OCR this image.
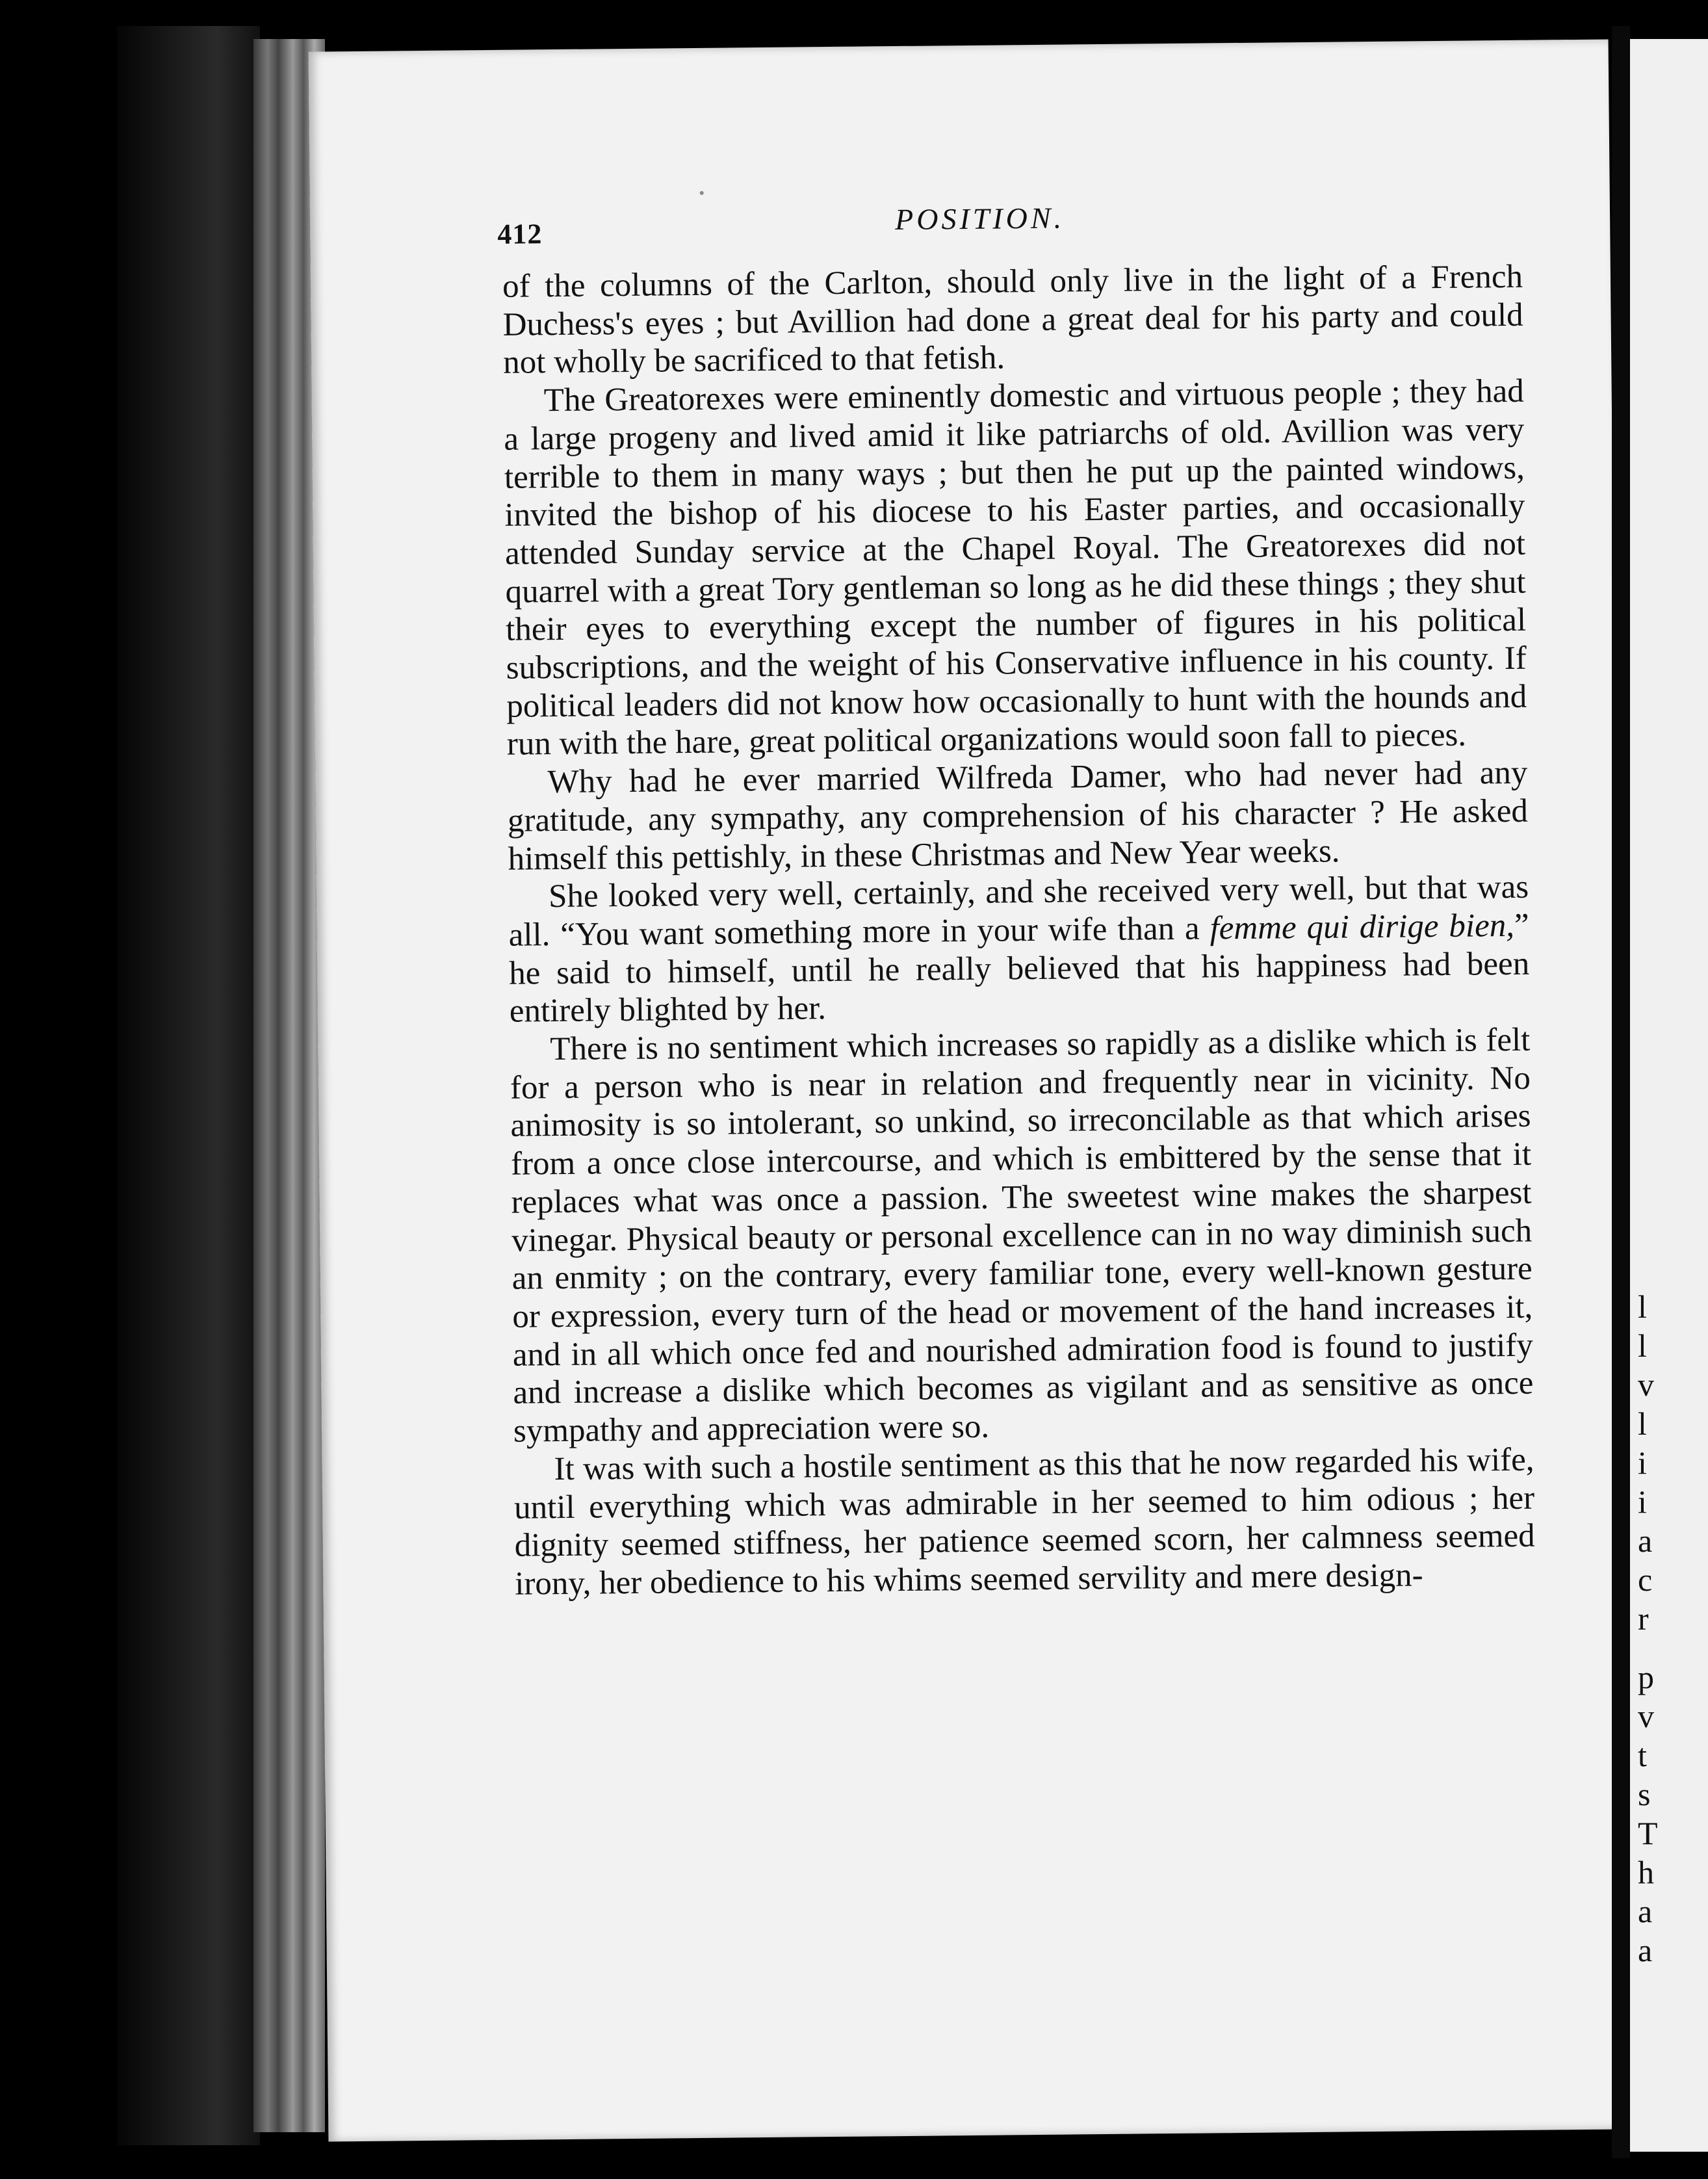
412	POSITION.

of the columns of the Carlton, should only live in the light of a French Duchess's eyes ; but Avillion had done a great deal for his party and could not wholly be sacrificed to that fetish.

The Greatorexes were eminently domestic and virtuous people ; they had a large progeny and lived amid it like patriarchs of old. Avillion was very terrible to them in many ways ; but then he put up the painted windows, invited the bishop of his diocese to his Easter parties, and occasionally attended Sunday service at the Chapel Royal. The Greatorexes did not quarrel with a great Tory gentleman so long as he did these things ; they shut their eyes to everything except the number of figures in his political subscriptions, and the weight of his Conservative influence in his county. If political leaders did not know how occasionally to hunt with the hounds and run with the hare, great political organizations would soon fall to pieces.

Why had he ever married Wilfreda Damer, who had never had any gratitude, any sympathy, any comprehension of his character ? He asked himself this pettishly, in these Christmas and New Year weeks.

She looked very well, certainly, and she received very well, but that was all. “You want something more in your wife than a femme qui dirige bien,” he said to himself, until he really believed that his happiness had been entirely blighted by her.

There is no sentiment which increases so rapidly as a dislike which is felt for a person who is near in relation and frequently near in vicinity. No animosity is so intolerant, so unkind, so irreconcilable as that which arises from a once close intercourse, and which is embittered by the sense that it replaces what was once a passion. The sweetest wine makes the sharpest vinegar. Physical beauty or personal excellence can in no way diminish such an enmity ; on the contrary, every familiar tone, every well-known gesture or expression, every turn of the head or movement of the hand increases it, and in all which once fed and nourished admiration food is found to justify and increase a dislike which becomes as vigilant and as sensitive as once sympathy and appreciation were so.

It was with such a hostile sentiment as this that he now regarded his wife, until everything which was admirable in her seemed to him odious ; her dignity seemed stiffness, her patience seemed scorn, her calmness seemed irony, her obedience to his whims seemed servility and mere design-

l
l
v
l
i
i
a
c
r
p
v
t
s
T
h
a
a
